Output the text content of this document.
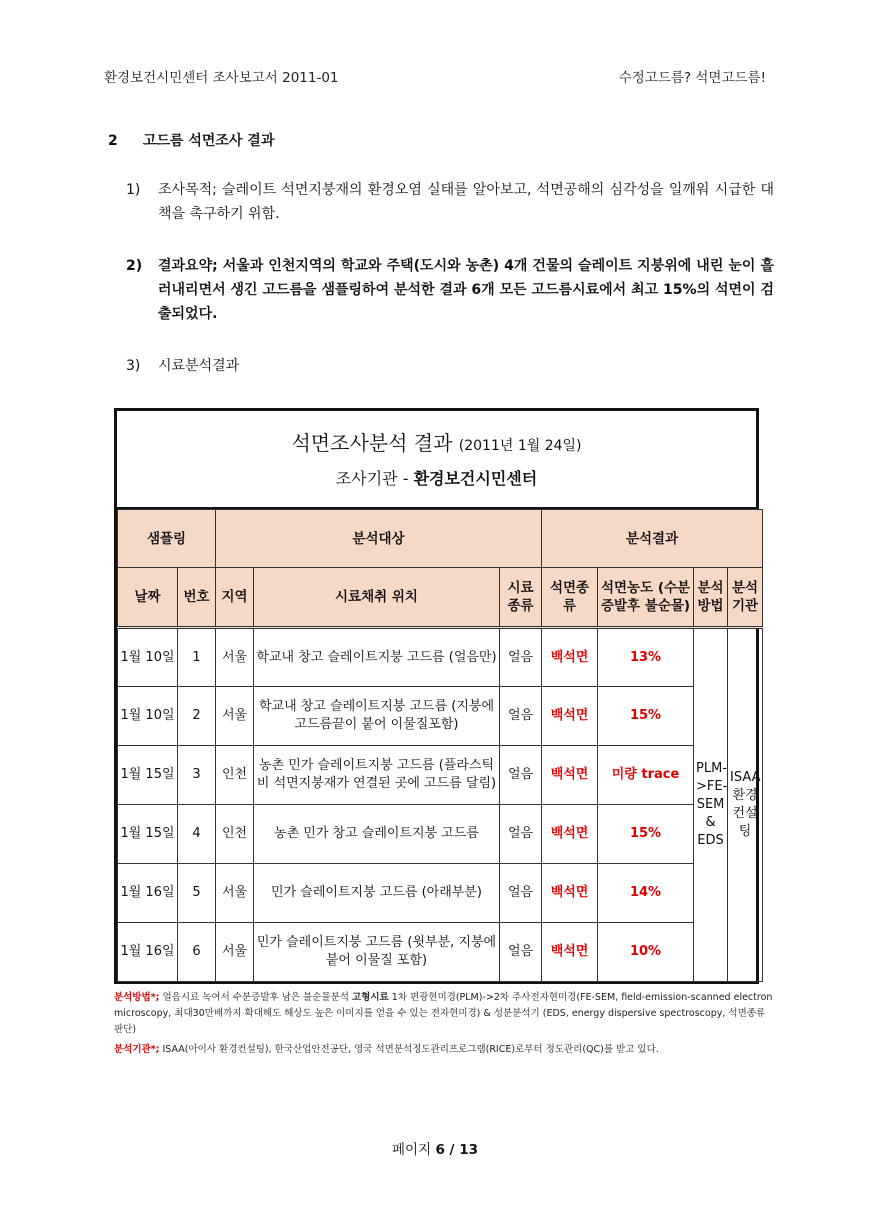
환경보건시민센터 조사보고서 2011-01	수정고드름? 석면고드름!
2 고드름 석면조사 결과
1)	조사목적; 슬레이트 석면지붕재의 환경오염 실태를 알아보고, 석면공해의 심각성을 일깨워 시급한 대책을 촉구하기 위함.
2)	결과요약; 서울과 인천지역의 학교와 주택(도시와 농촌) 4개 건물의 슬레이트 지붕위에 내린 눈이 흘러내리면서 생긴 고드름을 샘플링하여 분석한 결과 6개 모든 고드름시료에서 최고 15%의 석면이 검출되었다.
3)	시료분석결과
석면조사분석 결과 (2011년 1월 24일)
조사기관 - 환경보건시민센터
샘플링		분석대상			분석결과			
날짜	번호	지역	시료채취 위치	시료종류	석면종류	석면농도 (수분증발후 불순물)	분석방법	분석기관
1월 10일	1	서울	학교내 창고 슬레이트지붕 고드름 (얼음만)	얼음	백석면	13%	PLM->FE-SEM & EDS	ISAA 환경컨설팅
1월 10일	2	서울	학교내 창고 슬레이트지붕 고드름 (지붕에 고드름끝이 붙어 이물질포함)	얼음	백석면	15%		
1월 15일	3	인천	농촌 민가 슬레이트지붕 고드름 (플라스틱비 석면지붕재가 연결된 곳에 고드름 달림)	얼음	백석면	미량 trace		
1월 15일	4	인천	농촌 민가 창고 슬레이트지붕 고드름	얼음	백석면	15%		
1월 16일	5	서울	민가 슬레이트지붕 고드름 (아래부분)	얼음	백석면	14%		
1월 16일	6	서울	민가 슬레이트지붕 고드름 (윗부분, 지붕에 붙어 이물질 포함)	얼음	백석면	10%		
분석방법*; 얼음시료 녹여서 수분증발후 남은 불순물분석 고형시료 1차 편광현미경(PLM)->2차 주사전자현미경(FE-SEM, field-emission-scanned electron microscopy, 최대30만배까지 확대해도 해상도 높은 이미지를 얻을 수 있는 전자현미경) & 성분분석기 (EDS, energy dispersive spectroscopy, 석면종류판단)
분석기관*; ISAA(아이사 환경컨설팅), 한국산업안전공단, 영국 석면분석정도관리프로그램(RICE)로부터 정도관리(QC)를 받고 있다.
페이지 6 / 13
